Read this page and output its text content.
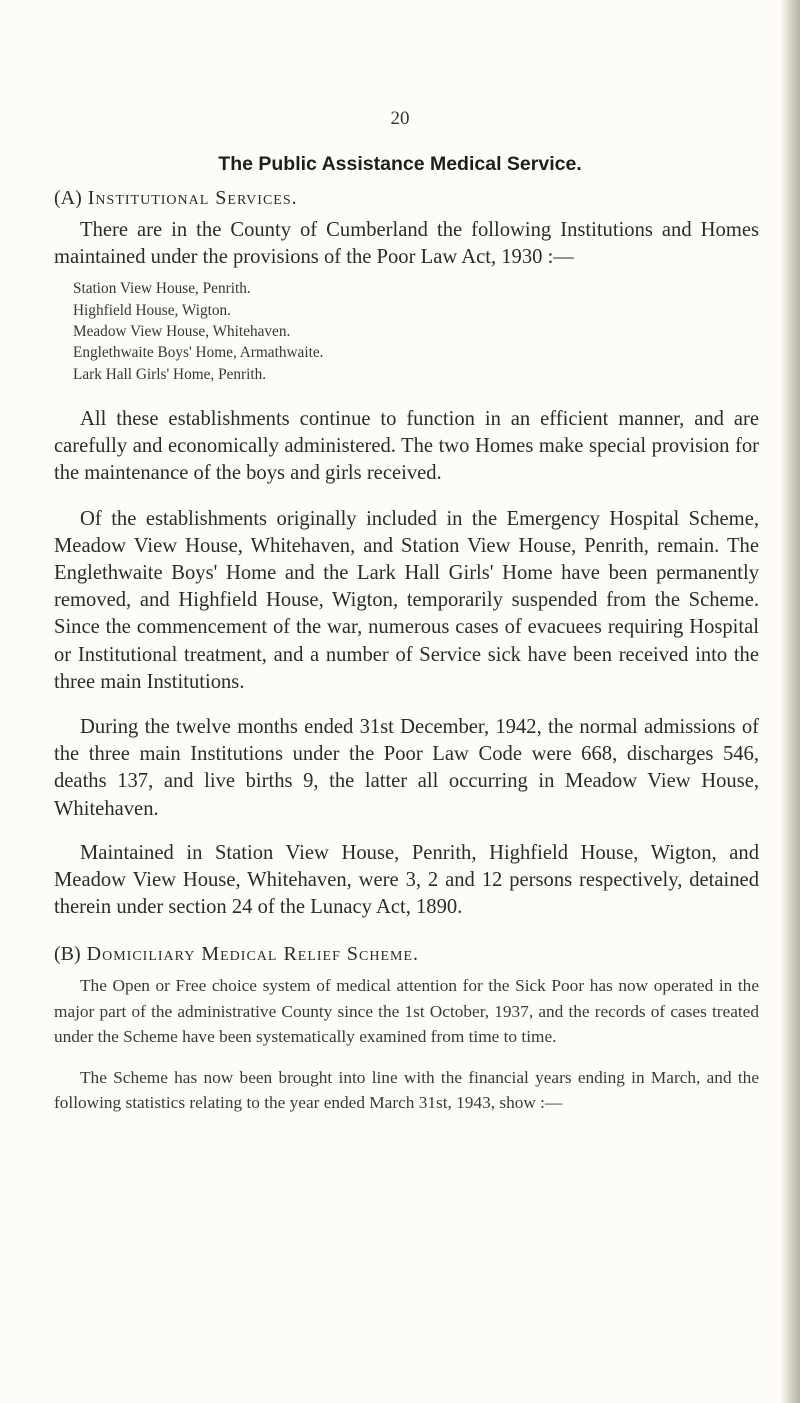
20
The Public Assistance Medical Service.
(A) Institutional Services.

There are in the County of Cumberland the following Institutions and Homes maintained under the provisions of the Poor Law Act, 1930 :—

Station View House, Penrith.
Highfield House, Wigton.
Meadow View House, Whitehaven.
Englethwaite Boys' Home, Armathwaite.
Lark Hall Girls' Home, Penrith.

All these establishments continue to function in an efficient manner, and are carefully and economically administered. The two Homes make special provision for the maintenance of the boys and girls received.

Of the establishments originally included in the Emergency Hospital Scheme, Meadow View House, Whitehaven, and Station View House, Penrith, remain. The Englethwaite Boys' Home and the Lark Hall Girls' Home have been permanently removed, and Highfield House, Wigton, temporarily suspended from the Scheme. Since the commencement of the war, numerous cases of evacuees requiring Hospital or Institutional treatment, and a number of Service sick have been received into the three main Institutions.

During the twelve months ended 31st December, 1942, the normal admissions of the three main Institutions under the Poor Law Code were 668, discharges 546, deaths 137, and live births 9, the latter all occurring in Meadow View House, Whitehaven.

Maintained in Station View House, Penrith, Highfield House, Wigton, and Meadow View House, Whitehaven, were 3, 2 and 12 persons respectively, detained therein under section 24 of the Lunacy Act, 1890.

(B) Domiciliary Medical Relief Scheme.

The Open or Free choice system of medical attention for the Sick Poor has now operated in the major part of the administrative County since the 1st October, 1937, and the records of cases treated under the Scheme have been systematically examined from time to time.

The Scheme has now been brought into line with the financial years ending in March, and the following statistics relating to the year ended March 31st, 1943, show :—
